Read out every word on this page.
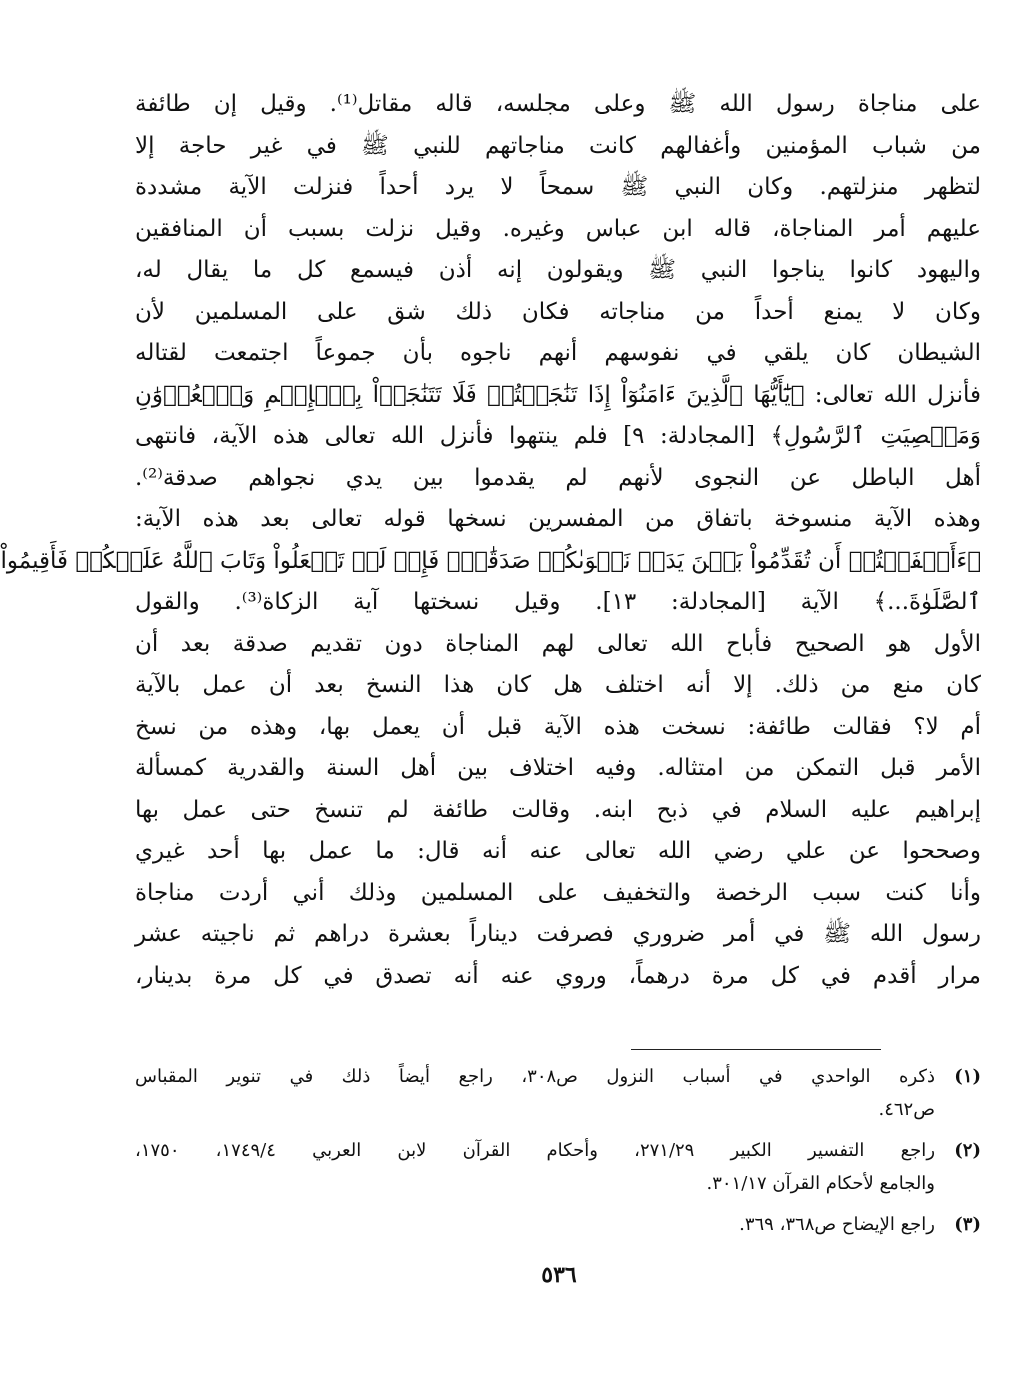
على مناجاة رسول الله ﷺ وعلى مجلسه، قاله مقاتل⁽¹⁾. وقيل إن طائفة
من شباب المؤمنين وأغفالهم كانت مناجاتهم للنبي ﷺ في غير حاجة إلا
لتظهر منزلتهم. وكان النبي ﷺ سمحاً لا يرد أحداً فنزلت الآية مشددة
عليهم أمر المناجاة، قاله ابن عباس وغيره. وقيل نزلت بسبب أن المنافقين
واليهود كانوا يناجوا النبي ﷺ ويقولون إنه أذن فيسمع كل ما يقال له،
وكان لا يمنع أحداً من مناجاته فكان ذلك شق على المسلمين لأن
الشيطان كان يلقي في نفوسهم أنهم ناجوه بأن جموعاً اجتمعت لقتاله
فأنزل الله تعالى: ﴿يَٰٓأَيُّهَا ٱلَّذِينَ ءَامَنُوٓاْ إِذَا تَنَٰجَيۡتُمۡ فَلَا تَتَنَٰجَوۡاْ بِٱلۡإِثۡمِ وَٱلۡعُدۡوَٰنِ
وَمَعۡصِيَتِ ٱلرَّسُولِ﴾ [المجادلة: ٩] فلم ينتهوا فأنزل الله تعالى هذه الآية، فانتهى
أهل الباطل عن النجوى لأنهم لم يقدموا بين يدي نجواهم صدقة⁽²⁾.
وهذه الآية منسوخة باتفاق من المفسرين نسخها قوله تعالى بعد هذه الآية:
﴿ءَأَشۡفَقۡتُمۡ أَن تُقَدِّمُواْ بَيۡنَ يَدَيۡ نَجۡوَىٰكُمۡ صَدَقَٰتٖۚ فَإِذۡ لَمۡ تَفۡعَلُواْ وَتَابَ ٱللَّهُ عَلَيۡكُمۡ فَأَقِيمُواْ
ٱلصَّلَوٰةَ...﴾ الآية [المجادلة: ١٣]. وقيل نسختها آية الزكاة⁽³⁾. والقول
الأول هو الصحيح فأباح الله تعالى لهم المناجاة دون تقديم صدقة بعد أن
كان منع من ذلك. إلا أنه اختلف هل كان هذا النسخ بعد أن عمل بالآية
أم لا؟ فقالت طائفة: نسخت هذه الآية قبل أن يعمل بها، وهذه من نسخ
الأمر قبل التمكن من امتثاله. وفيه اختلاف بين أهل السنة والقدرية كمسألة
إبراهيم عليه السلام في ذبح ابنه. وقالت طائفة لم تنسخ حتى عمل بها
وصححوا عن علي رضي الله تعالى عنه أنه قال: ما عمل بها أحد غيري
وأنا كنت سبب الرخصة والتخفيف على المسلمين وذلك أني أردت مناجاة
رسول الله ﷺ في أمر ضروري فصرفت ديناراً بعشرة دراهم ثم ناجيته عشر
مرار أقدم في كل مرة درهماً، وروي عنه أنه تصدق في كل مرة بدينار،
(١)
ذكره الواحدي في أسباب النزول ص٣٠٨، راجع أيضاً ذلك في تنوير المقباس
ص٤٦٢.
(٢)
راجع التفسير الكبير ٢٧١/٢٩، وأحكام القرآن لابن العربي ١٧٤٩/٤، ١٧٥٠،
والجامع لأحكام القرآن ٣٠١/١٧.
(٣)
راجع الإيضاح ص٣٦٨، ٣٦٩.
٥٣٦
